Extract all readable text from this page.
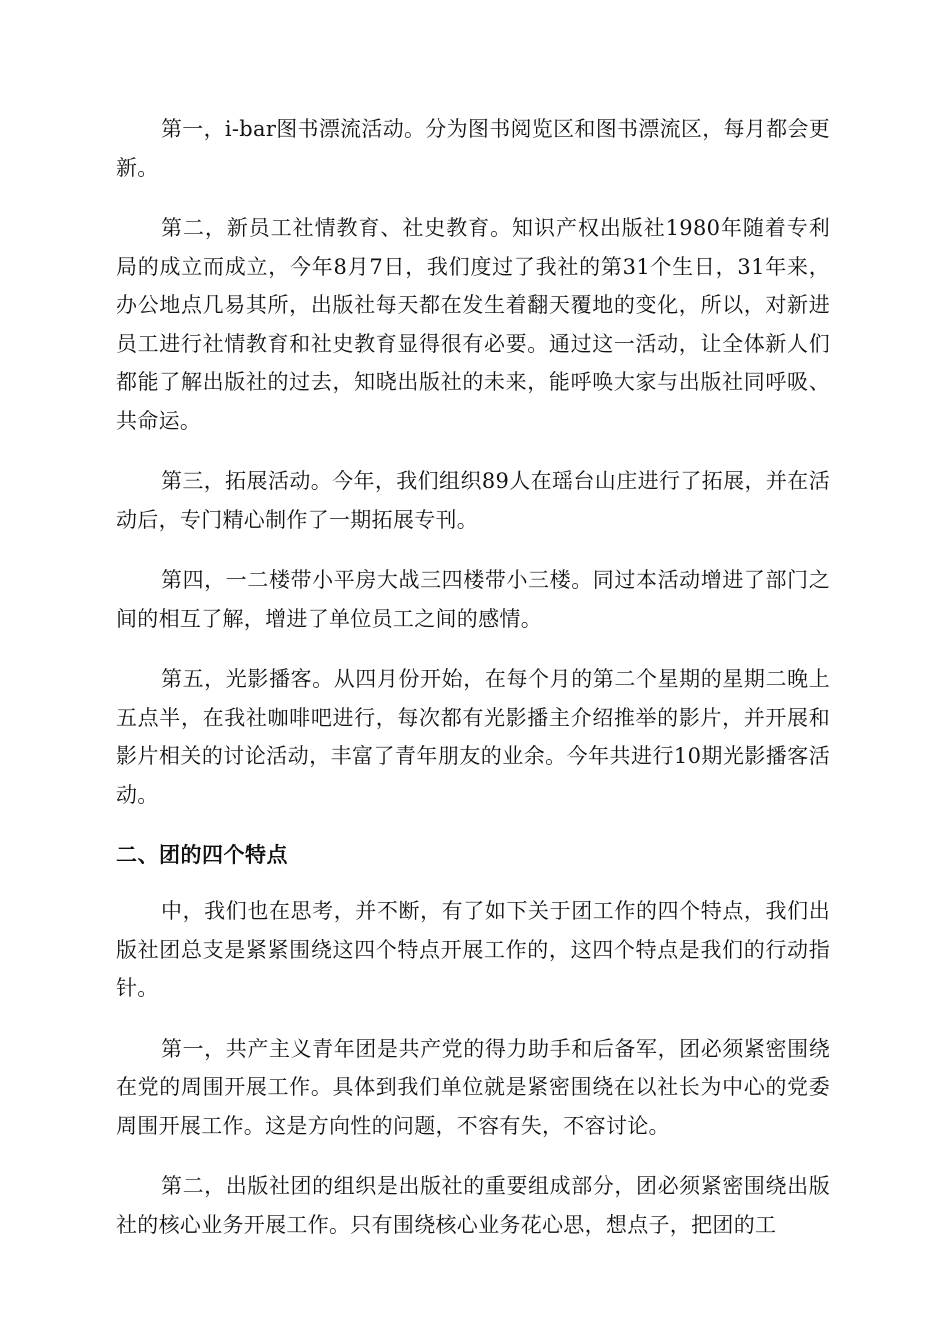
第一，i-bar图书漂流活动。分为图书阅览区和图书漂流区，每月都会更新。

第二，新员工社情教育、社史教育。知识产权出版社1980年随着专利局的成立而成立，今年8月7日，我们度过了我社的第31个生日，31年来，办公地点几易其所，出版社每天都在发生着翻天覆地的变化，所以，对新进员工进行社情教育和社史教育显得很有必要。通过这一活动，让全体新人们都能了解出版社的过去，知晓出版社的未来，能呼唤大家与出版社同呼吸、共命运。

第三，拓展活动。今年，我们组织89人在瑶台山庄进行了拓展，并在活动后，专门精心制作了一期拓展专刊。

第四，一二楼带小平房大战三四楼带小三楼。同过本活动增进了部门之间的相互了解，增进了单位员工之间的感情。

第五，光影播客。从四月份开始，在每个月的第二个星期的星期二晚上五点半，在我社咖啡吧进行，每次都有光影播主介绍推举的影片，并开展和影片相关的讨论活动，丰富了青年朋友的业余。今年共进行10期光影播客活动。

二、团的四个特点

中，我们也在思考，并不断，有了如下关于团工作的四个特点，我们出版社团总支是紧紧围绕这四个特点开展工作的，这四个特点是我们的行动指针。

第一，共产主义青年团是共产党的得力助手和后备军，团必须紧密围绕在党的周围开展工作。具体到我们单位就是紧密围绕在以社长为中心的党委周围开展工作。这是方向性的问题，不容有失，不容讨论。

第二，出版社团的组织是出版社的重要组成部分，团必须紧密围绕出版社的核心业务开展工作。只有围绕核心业务花心思，想点子，把团的工
